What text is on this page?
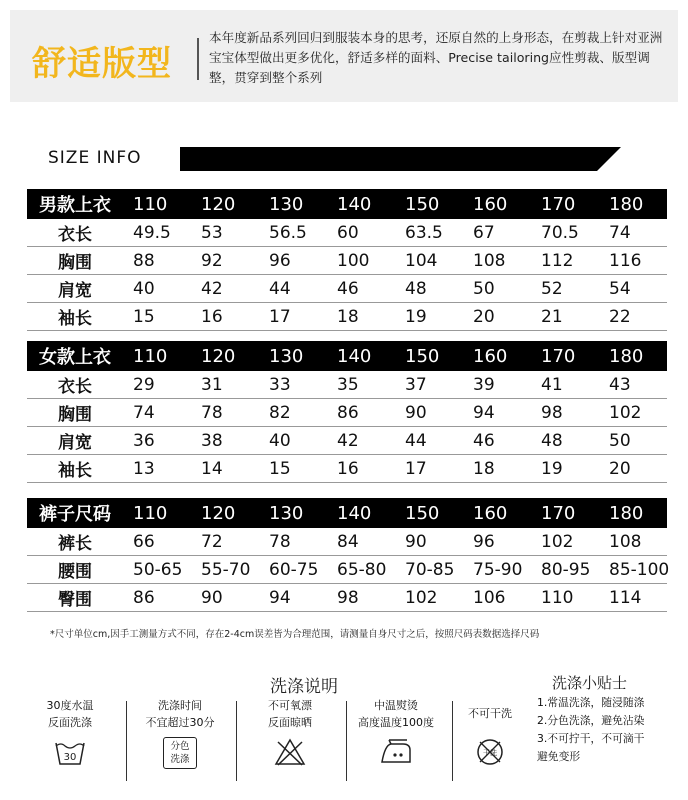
舒适版型
本年度新品系列回归到服装本身的思考，还原自然的上身形态，在剪裁上针对亚洲宝宝体型做出更多优化，舒适多样的面料、Precise tailoring应性剪裁、版型调整，贯穿到整个系列
SIZE INFO
男款上衣	110	120	130	140	150	160	170	180
衣长	49.5	53	56.5	60	63.5	67	70.5	74
胸围	88	92	96	100	104	108	112	116
肩宽	40	42	44	46	48	50	52	54
袖长	15	16	17	18	19	20	21	22
女款上衣	110	120	130	140	150	160	170	180
衣长	29	31	33	35	37	39	41	43
胸围	74	78	82	86	90	94	98	102
肩宽	36	38	40	42	44	46	48	50
袖长	13	14	15	16	17	18	19	20
裤子尺码	110	120	130	140	150	160	170	180
裤长	66	72	78	84	90	96	102	108
腰围	50-65	55-70	60-75	65-80	70-85	75-90	80-95	85-100
臀围	86	90	94	98	102	106	110	114
*尺寸单位cm,因手工测量方式不同，存在2-4cm误差皆为合理范围，请测量自身尺寸之后，按照尺码表数据选择尺码
洗涤说明	洗涤小贴士
30度水温
反面洗涤
30
洗涤时间
不宜超过30分
分色
洗涤
不可氧漂
反面晾晒
中温熨烫
高度温度100度
不可干洗
干洗
1.常温洗涤，随浸随涤
2.分色洗涤，避免沾染
3.不可拧干，不可滴干
避免变形
